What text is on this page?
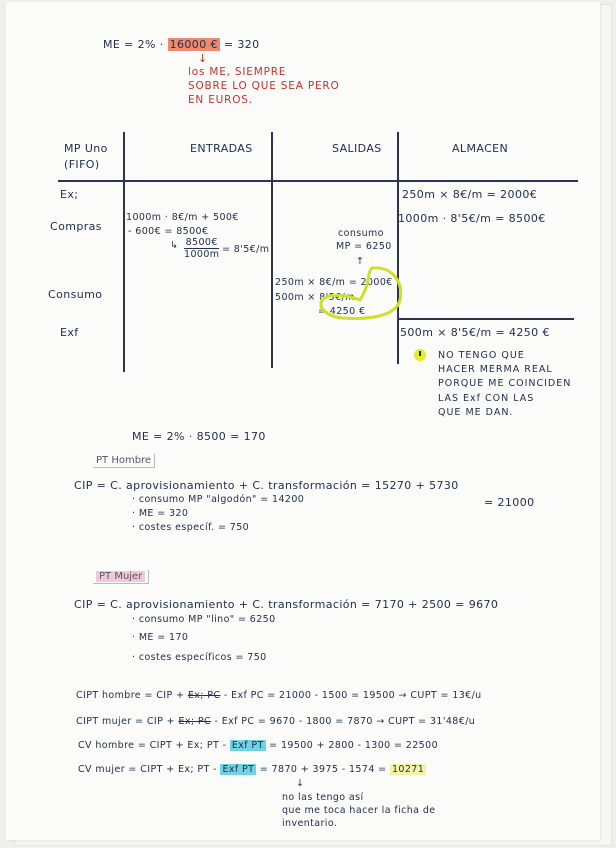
ME = 2% · 16000 € = 320
↓
los ME, SIEMPRE
SOBRE LO QUE SEA PERO
EN EUROS.
MP Uno
(FIFO)
ENTRADAS	SALIDAS	ALMACEN
Ex;
Compras
Consumo
Exf
1000m · 8€/m + 500€
- 600€ = 8500€
↳ $\frac{8500€}{1000m}$ = 8'5€/m
consumo
MP = 6250
↑
250m × 8€/m = 2000€
500m × 8'5€/m
= 4250 €
250m × 8€/m = 2000€
1000m · 8'5€/m = 8500€
500m × 8'5€/m = 4250 €
NO TENGO QUE
HACER MERMA REAL
PORQUE ME COINCIDEN
LAS Exf CON LAS
QUE ME DAN.
ME = 2% · 8500 = 170
PT Hombre
CIP = C. aprovisionamiento + C. transformación = 15270 + 5730
= 21000
· consumo MP "algodón" = 14200
· ME = 320
· costes específ. = 750
PT Mujer
CIP = C. aprovisionamiento + C. transformación = 7170 + 2500 = 9670
· consumo MP "lino" = 6250
· ME = 170
· costes específicos = 750
CIPT hombre = CIP + Ex; PC - Exf PC = 21000 - 1500 = 19500 → CUPT = 13€/u
CIPT mujer = CIP + Ex; PC - Exf PC = 9670 - 1800 = 7870 → CUPT = 31'48€/u
CV hombre = CIPT + Ex; PT - Exf PT = 19500 + 2800 - 1300 = 22500
CV mujer = CIPT + Ex; PT - Exf PT = 7870 + 3975 - 1574 = 10271
↓
no las tengo así
que me toca hacer la ficha de
inventario.
